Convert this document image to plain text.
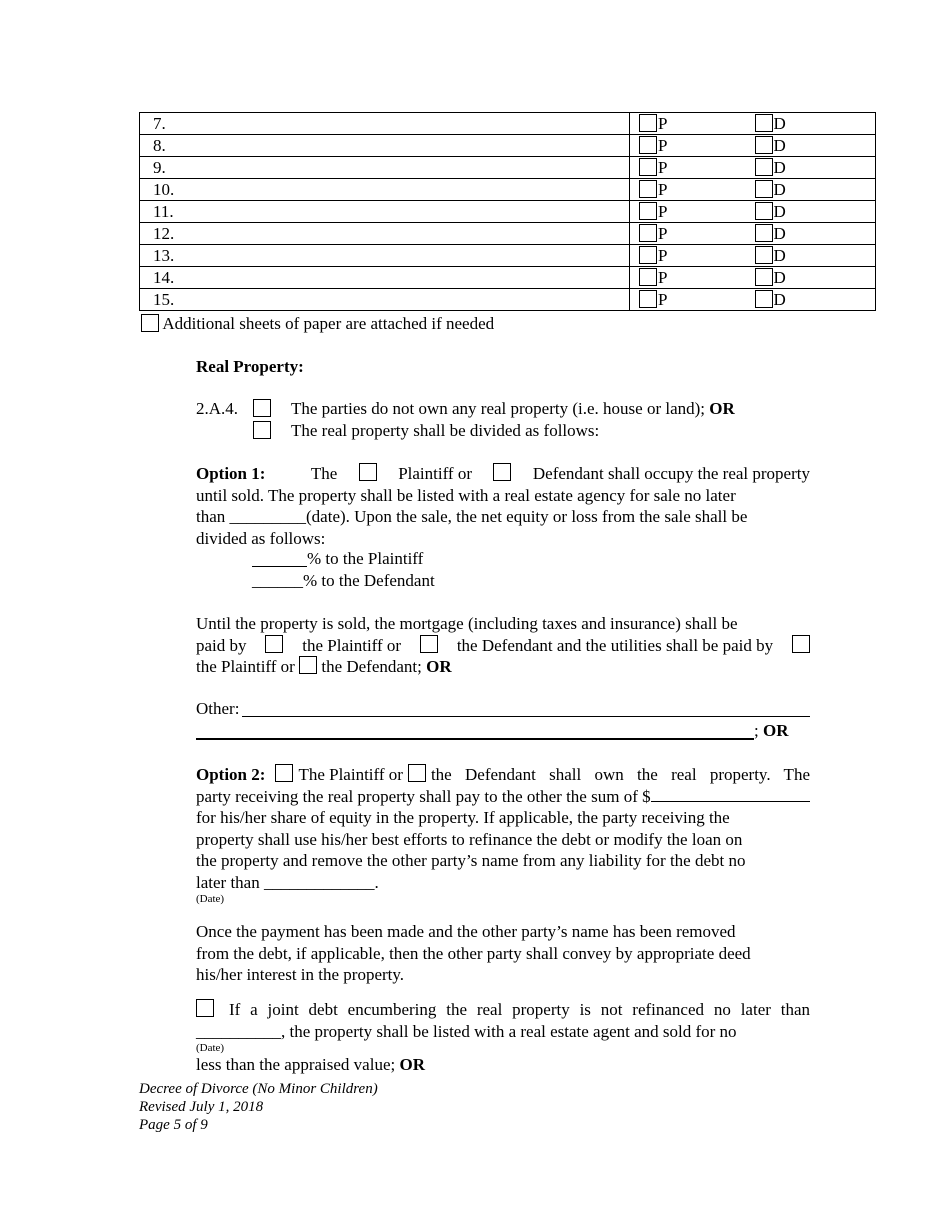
7.	P	D
8.	P	D
9.	P	D
10.	P	D
11.	P	D
12.	P	D
13.	P	D
14.	P	D
15.	P	D
Additional sheets of paper are attached if needed
Real Property:
2.A.4.	The parties do not own any real property (i.e. house or land); OR
The real property shall be divided as follows:
Option 1:	The	Plaintiff or	Defendant shall occupy the real property
until sold. The property shall be listed with a real estate agency for sale no later
than _________(date). Upon the sale, the net equity or loss from the sale shall be
divided as follows:
% to the Plaintiff
______% to the Defendant
Until the property is sold, the mortgage (including taxes and insurance) shall be
paid by	the Plaintiff or	the Defendant and the utilities shall be paid by
the Plaintiff or the Defendant; OR
Other:
; OR
Option 2: The Plaintiff or the Defendant shall own the real property. The
party receiving the real property shall pay to the other the sum of $
for his/her share of equity in the property. If applicable, the party receiving the
property shall use his/her best efforts to refinance the debt or modify the loan on
the property and remove the other party’s name from any liability for the debt no
later than _____________.
(Date)
Once the payment has been made and the other party’s name has been removed
from the debt, if applicable, then the other party shall convey by appropriate deed
his/her interest in the property.
If a joint debt encumbering the real property is not refinanced no later than
__________, the property shall be listed with a real estate agent and sold for no
(Date)
less than the appraised value; OR
Decree of Divorce (No Minor Children)
Revised July 1, 2018
Page 5 of 9
